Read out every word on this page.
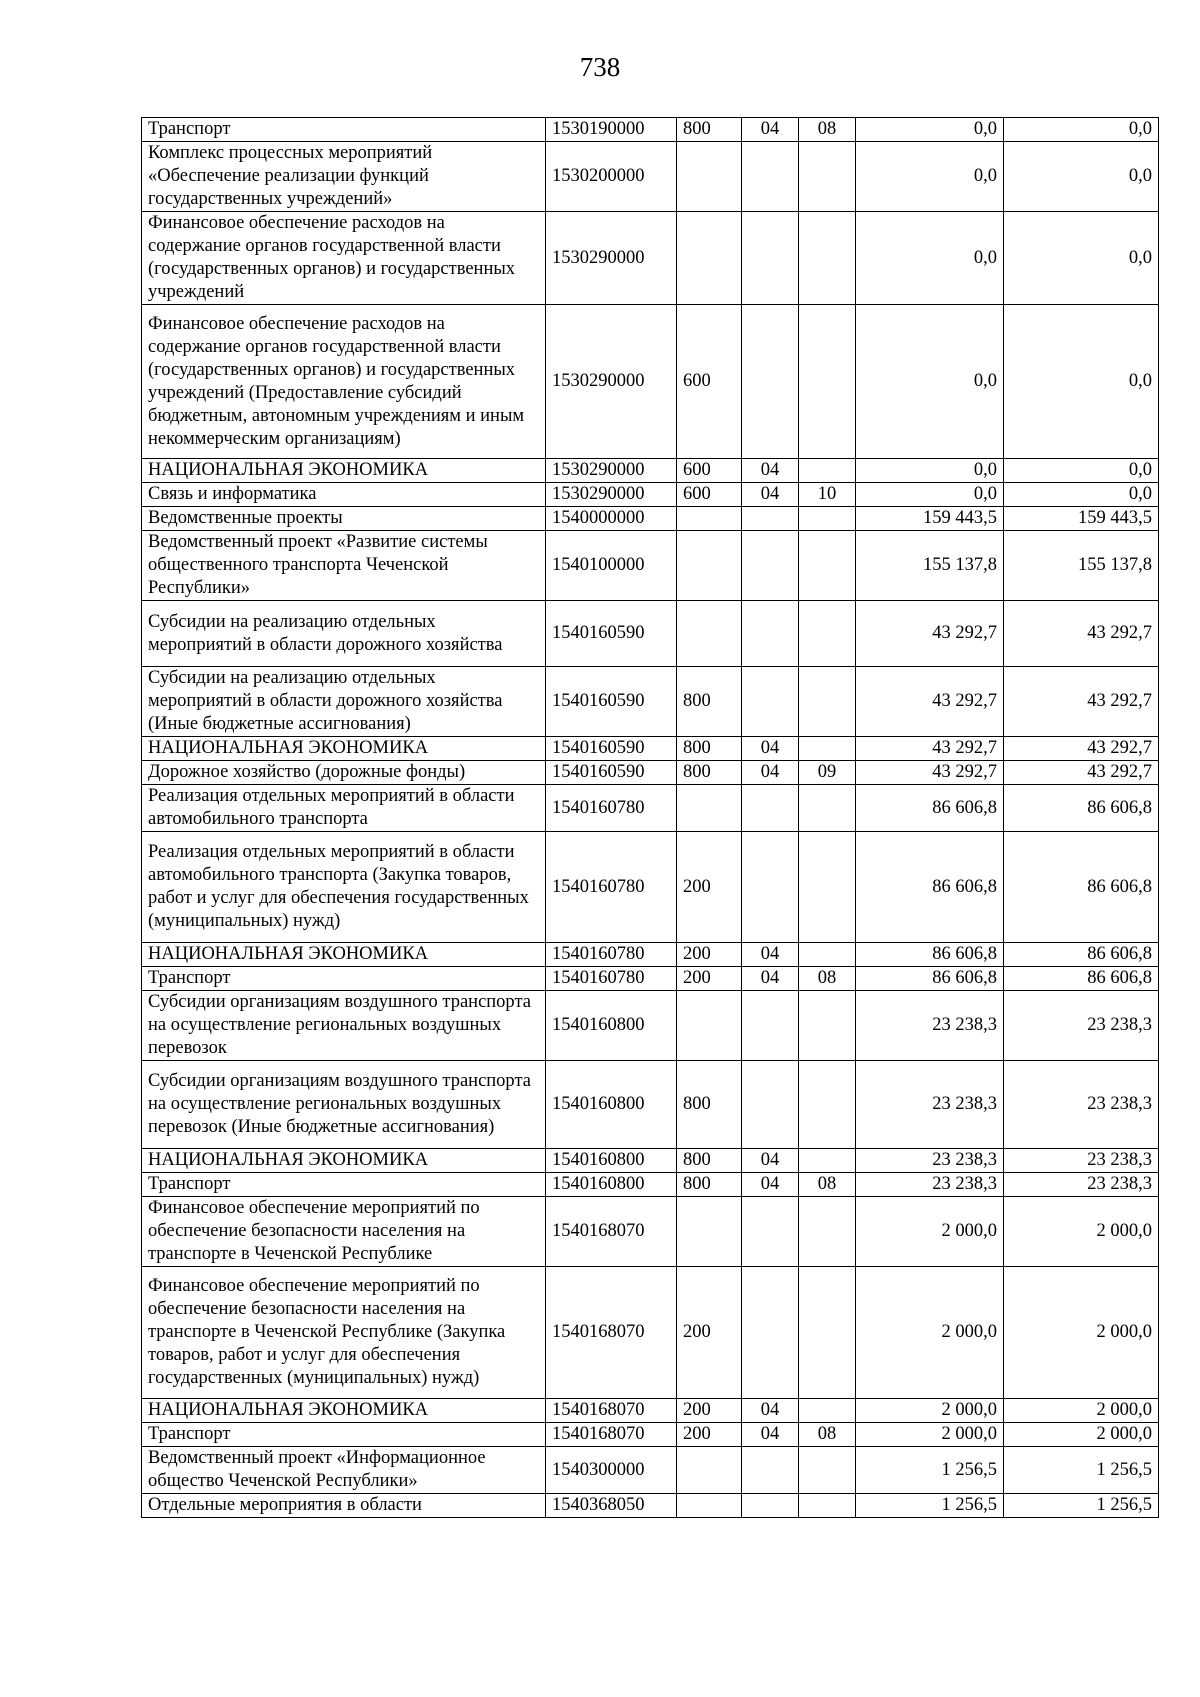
738
Транспорт	1530190000	800	04	08	0,0	0,0
Комплекс процессных мероприятий «Обеспечение реализации функций государственных учреждений»	1530200000				0,0	0,0
Финансовое обеспечение расходов на содержание органов государственной власти (государственных органов) и государственных учреждений	1530290000				0,0	0,0
Финансовое обеспечение расходов на содержание органов государственной власти (государственных органов) и государственных учреждений (Предоставление субсидий бюджетным, автономным учреждениям и иным некоммерческим организациям)	1530290000	600			0,0	0,0
НАЦИОНАЛЬНАЯ ЭКОНОМИКА	1530290000	600	04		0,0	0,0
Связь и информатика	1530290000	600	04	10	0,0	0,0
Ведомственные проекты	1540000000				159 443,5	159 443,5
Ведомственный проект «Развитие системы общественного транспорта Чеченской Республики»	1540100000				155 137,8	155 137,8
Субсидии на реализацию отдельных мероприятий в области дорожного хозяйства	1540160590				43 292,7	43 292,7
Субсидии на реализацию отдельных мероприятий в области дорожного хозяйства (Иные бюджетные ассигнования)	1540160590	800			43 292,7	43 292,7
НАЦИОНАЛЬНАЯ ЭКОНОМИКА	1540160590	800	04		43 292,7	43 292,7
Дорожное хозяйство (дорожные фонды)	1540160590	800	04	09	43 292,7	43 292,7
Реализация отдельных мероприятий в области автомобильного транспорта	1540160780				86 606,8	86 606,8
Реализация отдельных мероприятий в области автомобильного транспорта (Закупка товаров, работ и услуг для обеспечения государственных (муниципальных) нужд)	1540160780	200			86 606,8	86 606,8
НАЦИОНАЛЬНАЯ ЭКОНОМИКА	1540160780	200	04		86 606,8	86 606,8
Транспорт	1540160780	200	04	08	86 606,8	86 606,8
Субсидии организациям воздушного транспорта на осуществление региональных воздушных перевозок	1540160800				23 238,3	23 238,3
Субсидии организациям воздушного транспорта на осуществление региональных воздушных перевозок (Иные бюджетные ассигнования)	1540160800	800			23 238,3	23 238,3
НАЦИОНАЛЬНАЯ ЭКОНОМИКА	1540160800	800	04		23 238,3	23 238,3
Транспорт	1540160800	800	04	08	23 238,3	23 238,3
Финансовое обеспечение мероприятий по обеспечение безопасности населения на транспорте в Чеченской Республике	1540168070				2 000,0	2 000,0
Финансовое обеспечение мероприятий по обеспечение безопасности населения на транспорте в Чеченской Республике (Закупка товаров, работ и услуг для обеспечения государственных (муниципальных) нужд)	1540168070	200			2 000,0	2 000,0
НАЦИОНАЛЬНАЯ ЭКОНОМИКА	1540168070	200	04		2 000,0	2 000,0
Транспорт	1540168070	200	04	08	2 000,0	2 000,0
Ведомственный проект «Информационное общество Чеченской Республики»	1540300000				1 256,5	1 256,5
Отдельные мероприятия в области	1540368050				1 256,5	1 256,5
